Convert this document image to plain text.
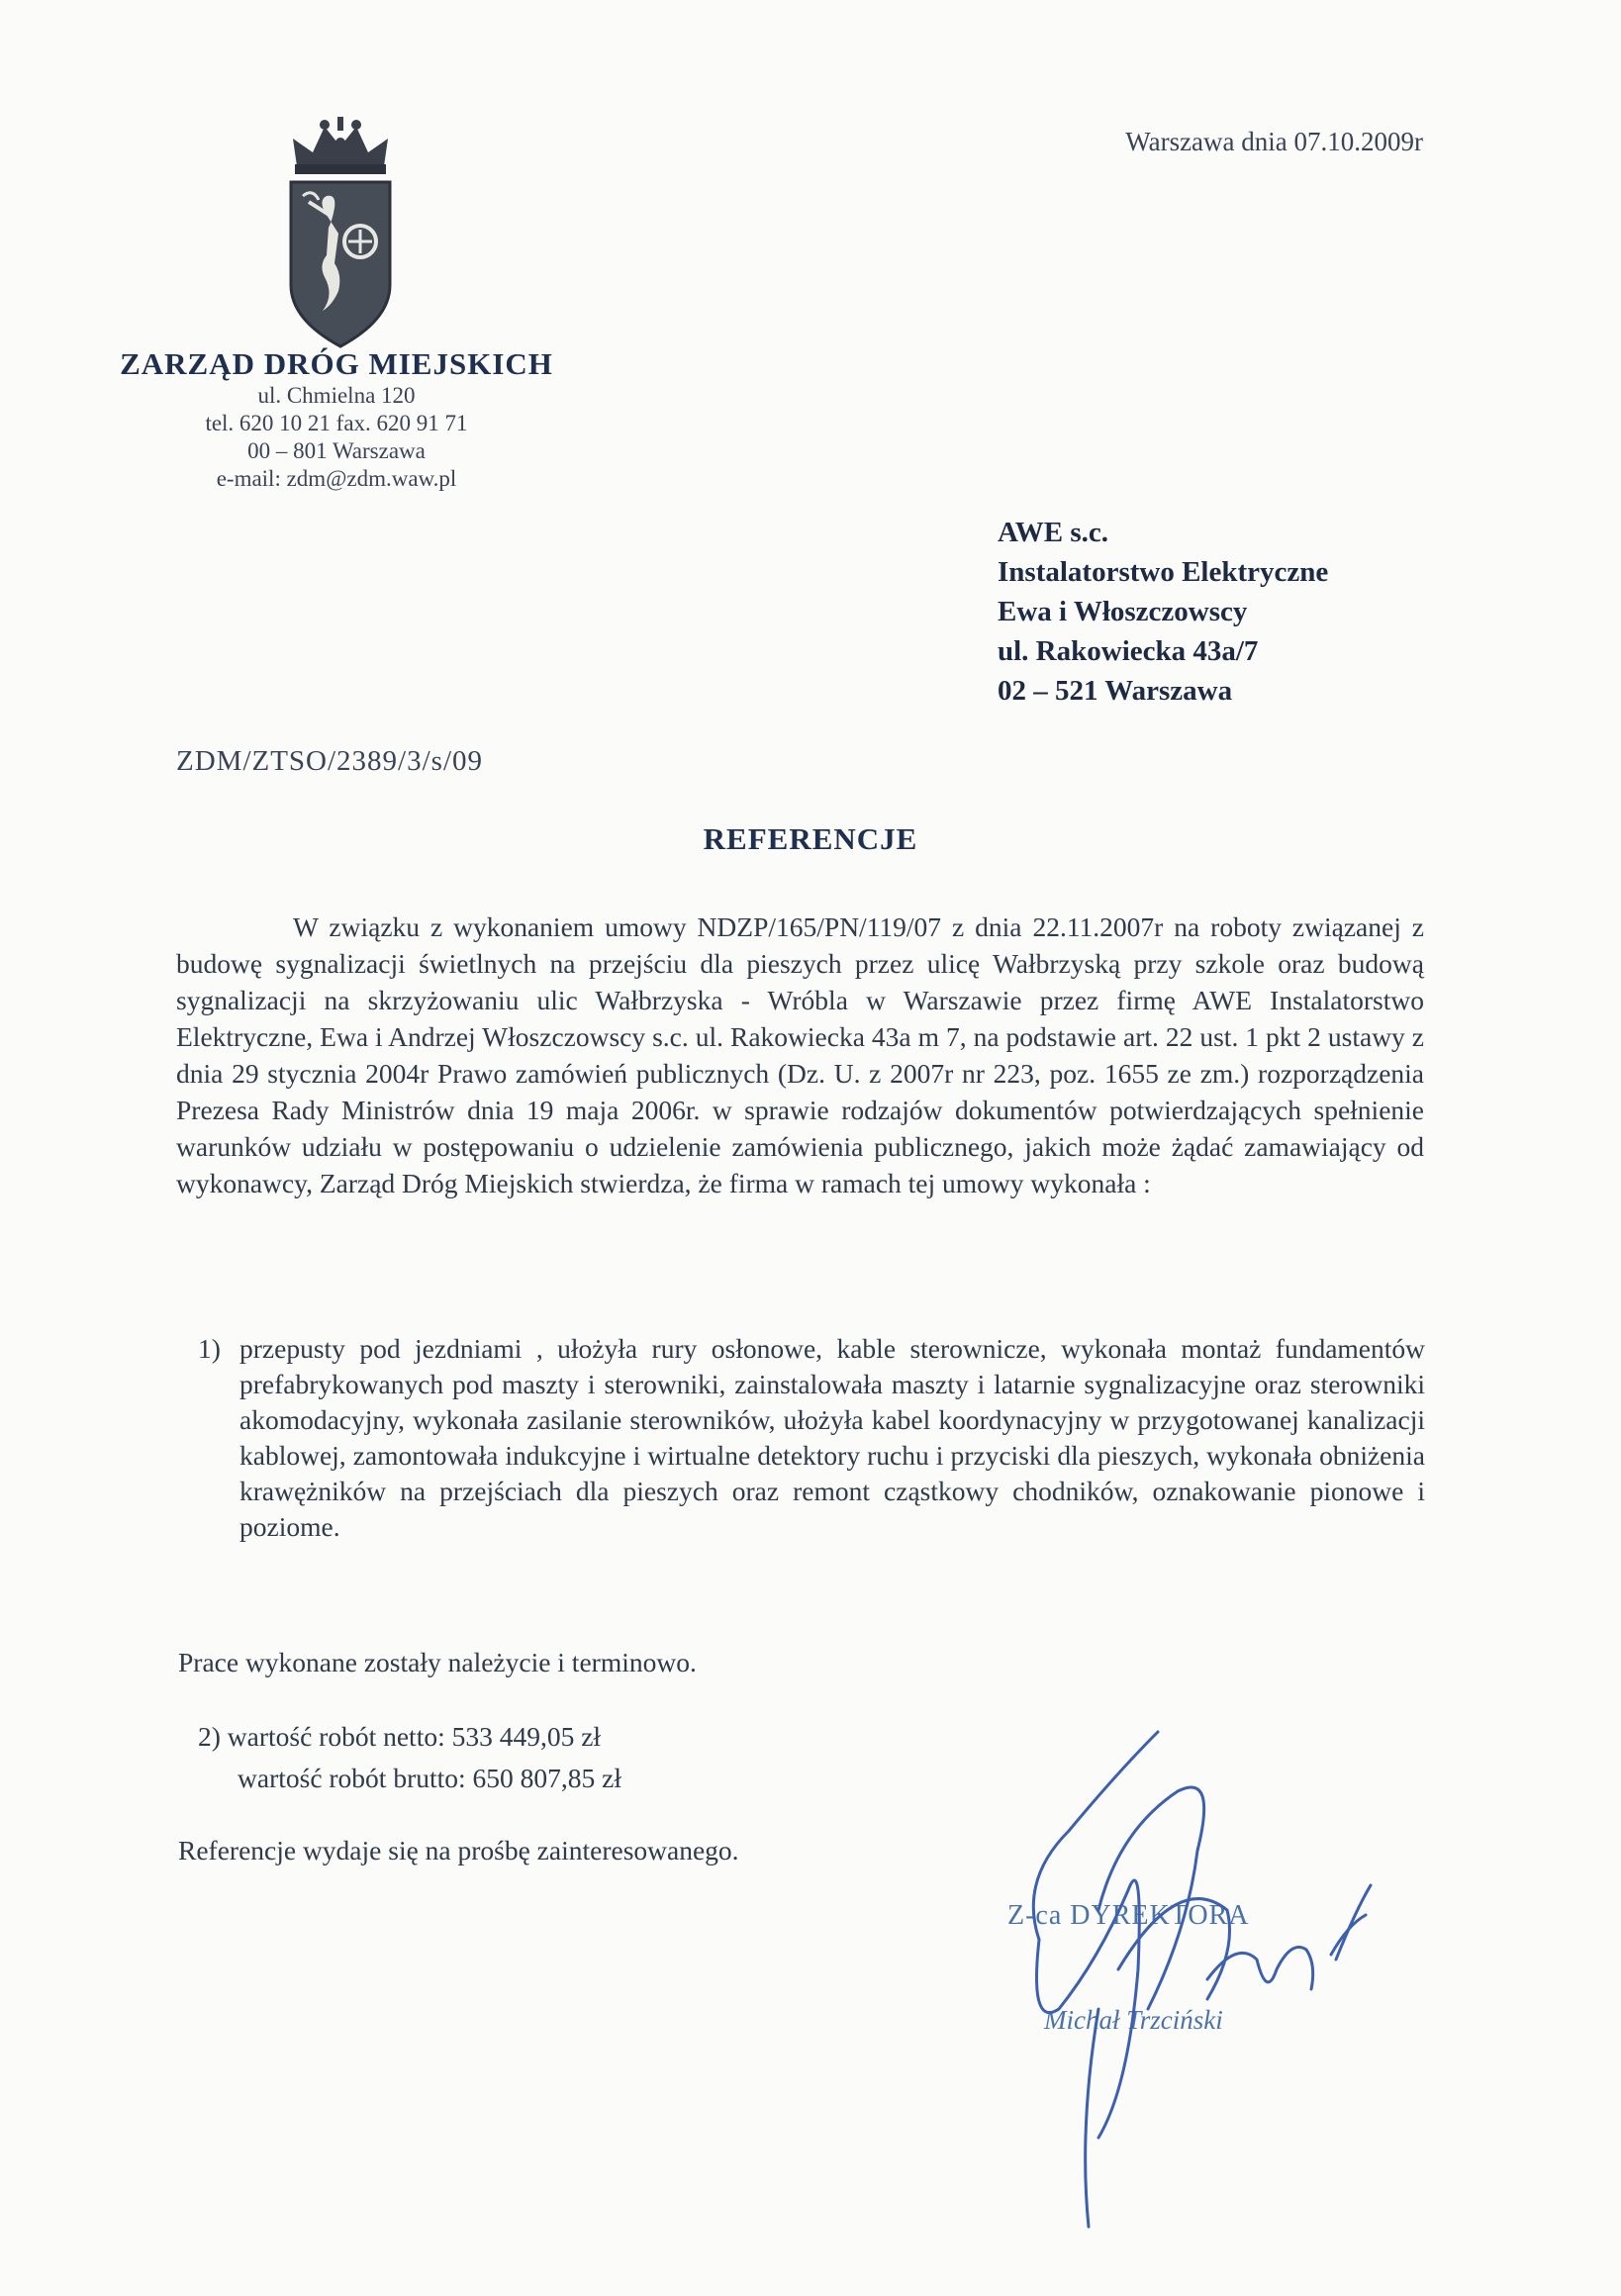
Warszawa dnia 07.10.2009r
ZARZĄD DRÓG MIEJSKICH
ul. Chmielna 120
tel. 620 10 21 fax. 620 91 71
00 – 801 Warszawa
e-mail: zdm@zdm.waw.pl
AWE s.c.
Instalatorstwo Elektryczne
Ewa i Włoszczowscy
ul. Rakowiecka 43a/7
02 – 521 Warszawa
ZDM/ZTSO/2389/3/s/09
REFERENCJE
W związku z wykonaniem umowy NDZP/165/PN/119/07 z dnia 22.11.2007r na roboty związanej z budowę sygnalizacji świetlnych na przejściu dla pieszych przez ulicę Wałbrzyską przy szkole oraz budową sygnalizacji na skrzyżowaniu ulic Wałbrzyska - Wróbla w Warszawie przez firmę AWE Instalatorstwo Elektryczne, Ewa i Andrzej Włoszczowscy s.c. ul. Rakowiecka 43a m 7, na podstawie art. 22 ust. 1 pkt 2 ustawy z dnia 29 stycznia 2004r Prawo zamówień publicznych (Dz. U. z 2007r nr 223, poz. 1655 ze zm.) rozporządzenia Prezesa Rady Ministrów dnia 19 maja 2006r. w sprawie rodzajów dokumentów potwierdzających spełnienie warunków udziału w postępowaniu o udzielenie zamówienia publicznego, jakich może żądać zamawiający od wykonawcy, Zarząd Dróg Miejskich stwierdza, że firma w ramach tej umowy wykonała :
1) przepusty pod jezdniami , ułożyła rury osłonowe, kable sterownicze, wykonała montaż fundamentów prefabrykowanych pod maszty i sterowniki, zainstalowała maszty i latarnie sygnalizacyjne oraz sterowniki akomodacyjny, wykonała zasilanie sterowników, ułożyła kabel koordynacyjny w przygotowanej kanalizacji kablowej, zamontowała indukcyjne i wirtualne detektory ruchu i przyciski dla pieszych, wykonała obniżenia krawężników na przejściach dla pieszych oraz remont cząstkowy chodników, oznakowanie pionowe i poziome.
Prace wykonane zostały należycie i terminowo.
2) wartość robót netto: 533 449,05 zł
wartość robót brutto: 650 807,85 zł
Referencje wydaje się na prośbę zainteresowanego.
Z-ca DYREKTORA
Michał Trzciński
